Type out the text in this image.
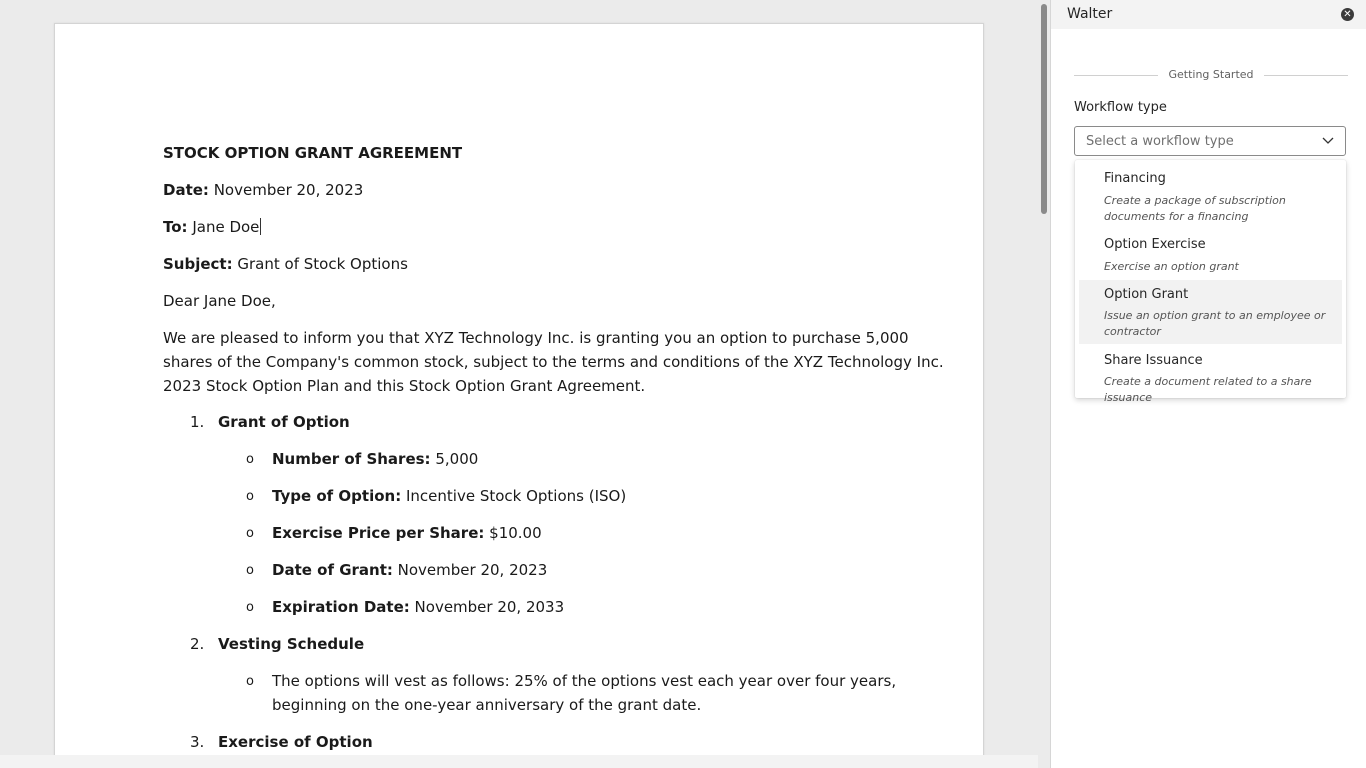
STOCK OPTION GRANT AGREEMENT
Date: November 20, 2023
To: Jane Doe
Subject: Grant of Stock Options
Dear Jane Doe,
We are pleased to inform you that XYZ Technology Inc. is granting you an option to purchase 5,000
shares of the Company's common stock, subject to the terms and conditions of the XYZ Technology Inc.
2023 Stock Option Plan and this Stock Option Grant Agreement.
1. Grant of Option
o Number of Shares: 5,000
o Type of Option: Incentive Stock Options (ISO)
o Exercise Price per Share: $10.00
o Date of Grant: November 20, 2023
o Expiration Date: November 20, 2033
2. Vesting Schedule
o The options will vest as follows: 25% of the options vest each year over four years,
beginning on the one-year anniversary of the grant date.
3. Exercise of Option
Walter	✕
Getting Started
Workflow type
Select a workflow type
Financing
Create a package of subscription documents for a financing
Option Exercise
Exercise an option grant
Option Grant
Issue an option grant to an employee or contractor
Share Issuance
Create a document related to a share issuance
